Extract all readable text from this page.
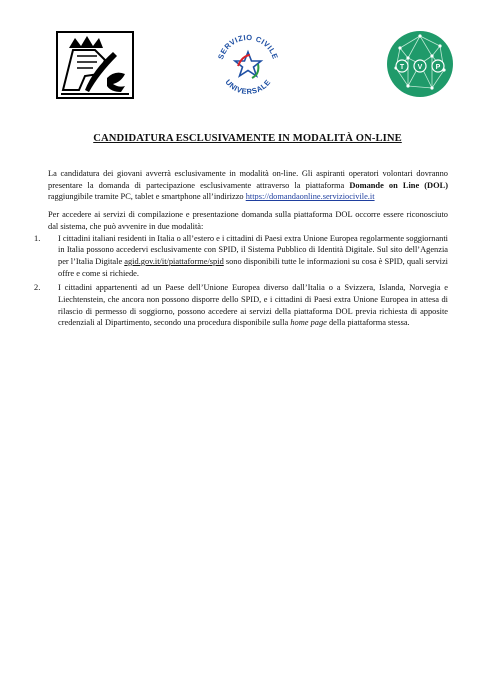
SERVIZIO CIVILE
UNIVERSALE
T V P
CANDIDATURA ESCLUSIVAMENTE IN MODALITÀ ON-LINE

La candidatura dei giovani avverrà esclusivamente in modalità on-line. Gli aspiranti operatori volontari dovranno presentare la domanda di partecipazione esclusivamente attraverso la piattaforma Domande on Line (DOL) raggiungibile tramite PC, tablet e smartphone all’indirizzo https://domandaonline.serviziocivile.it

Per accedere ai servizi di compilazione e presentazione domanda sulla piattaforma DOL occorre essere riconosciuto dal sistema, che può avvenire in due modalità:

1. I cittadini italiani residenti in Italia o all’estero e i cittadini di Paesi extra Unione Europea regolarmente soggiornanti in Italia possono accedervi esclusivamente con SPID, il Sistema Pubblico di Identità Digitale. Sul sito dell’Agenzia per l’Italia Digitale agid.gov.it/it/piattaforme/spid sono disponibili tutte le informazioni su cosa è SPID, quali servizi offre e come si richiede.
2. I cittadini appartenenti ad un Paese dell’Unione Europea diverso dall’Italia o a Svizzera, Islanda, Norvegia e Liechtenstein, che ancora non possono disporre dello SPID, e i cittadini di Paesi extra Unione Europea in attesa di rilascio di permesso di soggiorno, possono accedere ai servizi della piattaforma DOL previa richiesta di apposite credenziali al Dipartimento, secondo una procedura disponibile sulla home page della piattaforma stessa.
